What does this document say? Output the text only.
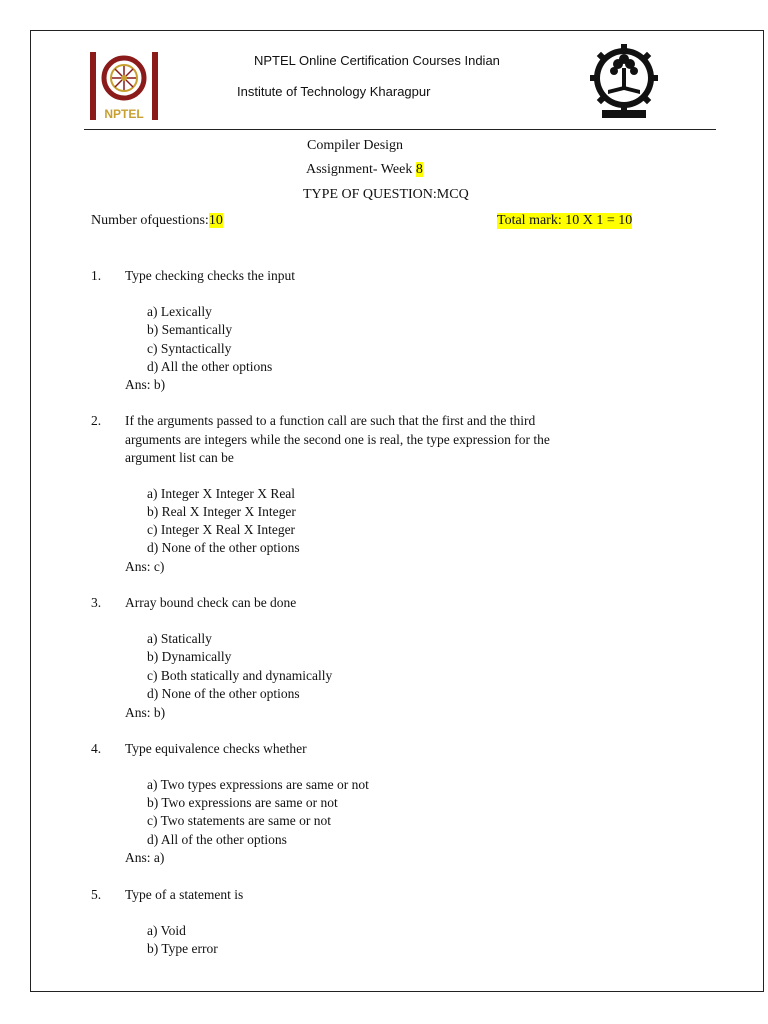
NPTEL
NPTEL Online Certification Courses Indian
Institute of Technology Kharagpur
Compiler Design
Assignment- Week 8
TYPE OF QUESTION:MCQ
Number ofquestions:10	Total mark: 10 X 1 = 10
1. Type checking checks the input
a) Lexically
b) Semantically
c) Syntactically
d) All the other options
Ans: b)
2. If the arguments passed to a function call are such that the first and the third
arguments are integers while the second one is real, the type expression for the
argument list can be
a) Integer X Integer X Real
b) Real X Integer X Integer
c) Integer X Real X Integer
d) None of the other options
Ans: c)
3. Array bound check can be done
a) Statically
b) Dynamically
c) Both statically and dynamically
d) None of the other options
Ans: b)
4. Type equivalence checks whether
a) Two types expressions are same or not
b) Two expressions are same or not
c) Two statements are same or not
d) All of the other options
Ans: a)
5. Type of a statement is
a) Void
b) Type error
